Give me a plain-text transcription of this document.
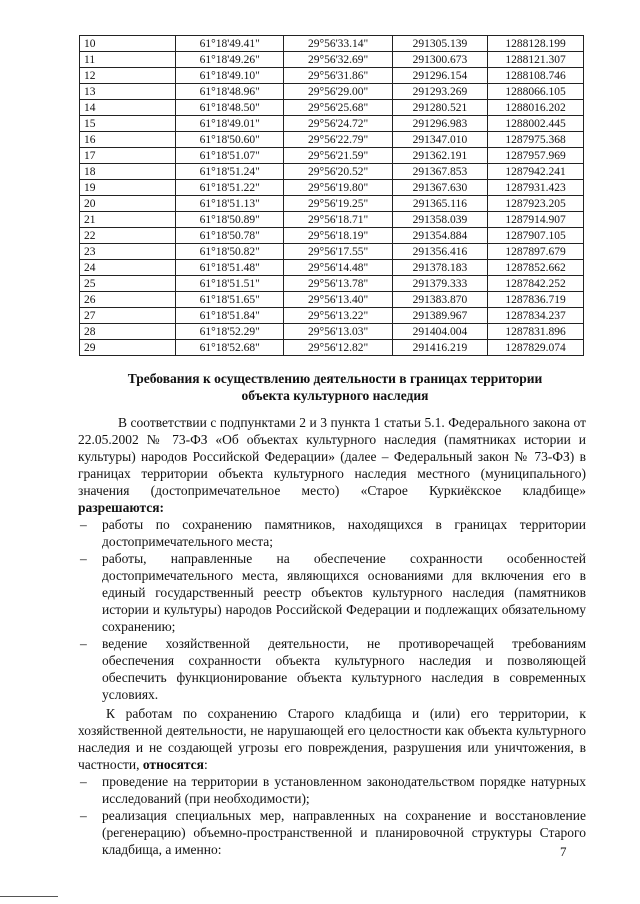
10	61°18'49.41"	29°56'33.14"	291305.139	1288128.199
11	61°18'49.26"	29°56'32.69"	291300.673	1288121.307
12	61°18'49.10"	29°56'31.86"	291296.154	1288108.746
13	61°18'48.96"	29°56'29.00"	291293.269	1288066.105
14	61°18'48.50"	29°56'25.68"	291280.521	1288016.202
15	61°18'49.01"	29°56'24.72"	291296.983	1288002.445
16	61°18'50.60"	29°56'22.79"	291347.010	1287975.368
17	61°18'51.07"	29°56'21.59"	291362.191	1287957.969
18	61°18'51.24"	29°56'20.52"	291367.853	1287942.241
19	61°18'51.22"	29°56'19.80"	291367.630	1287931.423
20	61°18'51.13"	29°56'19.25"	291365.116	1287923.205
21	61°18'50.89"	29°56'18.71"	291358.039	1287914.907
22	61°18'50.78"	29°56'18.19"	291354.884	1287907.105
23	61°18'50.82"	29°56'17.55"	291356.416	1287897.679
24	61°18'51.48"	29°56'14.48"	291378.183	1287852.662
25	61°18'51.51"	29°56'13.78"	291379.333	1287842.252
26	61°18'51.65"	29°56'13.40"	291383.870	1287836.719
27	61°18'51.84"	29°56'13.22"	291389.967	1287834.237
28	61°18'52.29"	29°56'13.03"	291404.004	1287831.896
29	61°18'52.68"	29°56'12.82"	291416.219	1287829.074
Требования к осуществлению деятельности в границах территории
объекта культурного наследия

В соответствии с подпунктами 2 и 3 пункта 1 статьи 5.1. Федерального закона от 22.05.2002 № 73-ФЗ «Об объектах культурного наследия (памятниках истории и культуры) народов Российской Федерации» (далее – Федеральный закон № 73-ФЗ) в границах территории объекта культурного наследия местного (муниципального) значения (достопримечательное место) «Старое Куркиёкское кладбище» разрешаются:

– работы по сохранению памятников, находящихся в границах территории достопримечательного места;
– работы, направленные на обеспечение сохранности особенностей достопримечательного места, являющихся основаниями для включения его в единый государственный реестр объектов культурного наследия (памятников истории и культуры) народов Российской Федерации и подлежащих обязательному сохранению;
– ведение хозяйственной деятельности, не противоречащей требованиям обеспечения сохранности объекта культурного наследия и позволяющей обеспечить функционирование объекта культурного наследия в современных условиях.

К работам по сохранению Старого кладбища и (или) его территории, к хозяйственной деятельности, не нарушающей его целостности как объекта культурного наследия и не создающей угрозы его повреждения, разрушения или уничтожения, в частности, относятся:

– проведение на территории в установленном законодательством порядке натурных исследований (при необходимости);
– реализация специальных мер, направленных на сохранение и восстановление (регенерацию) объемно-пространственной и планировочной структуры Старого кладбища, а именно:	7
